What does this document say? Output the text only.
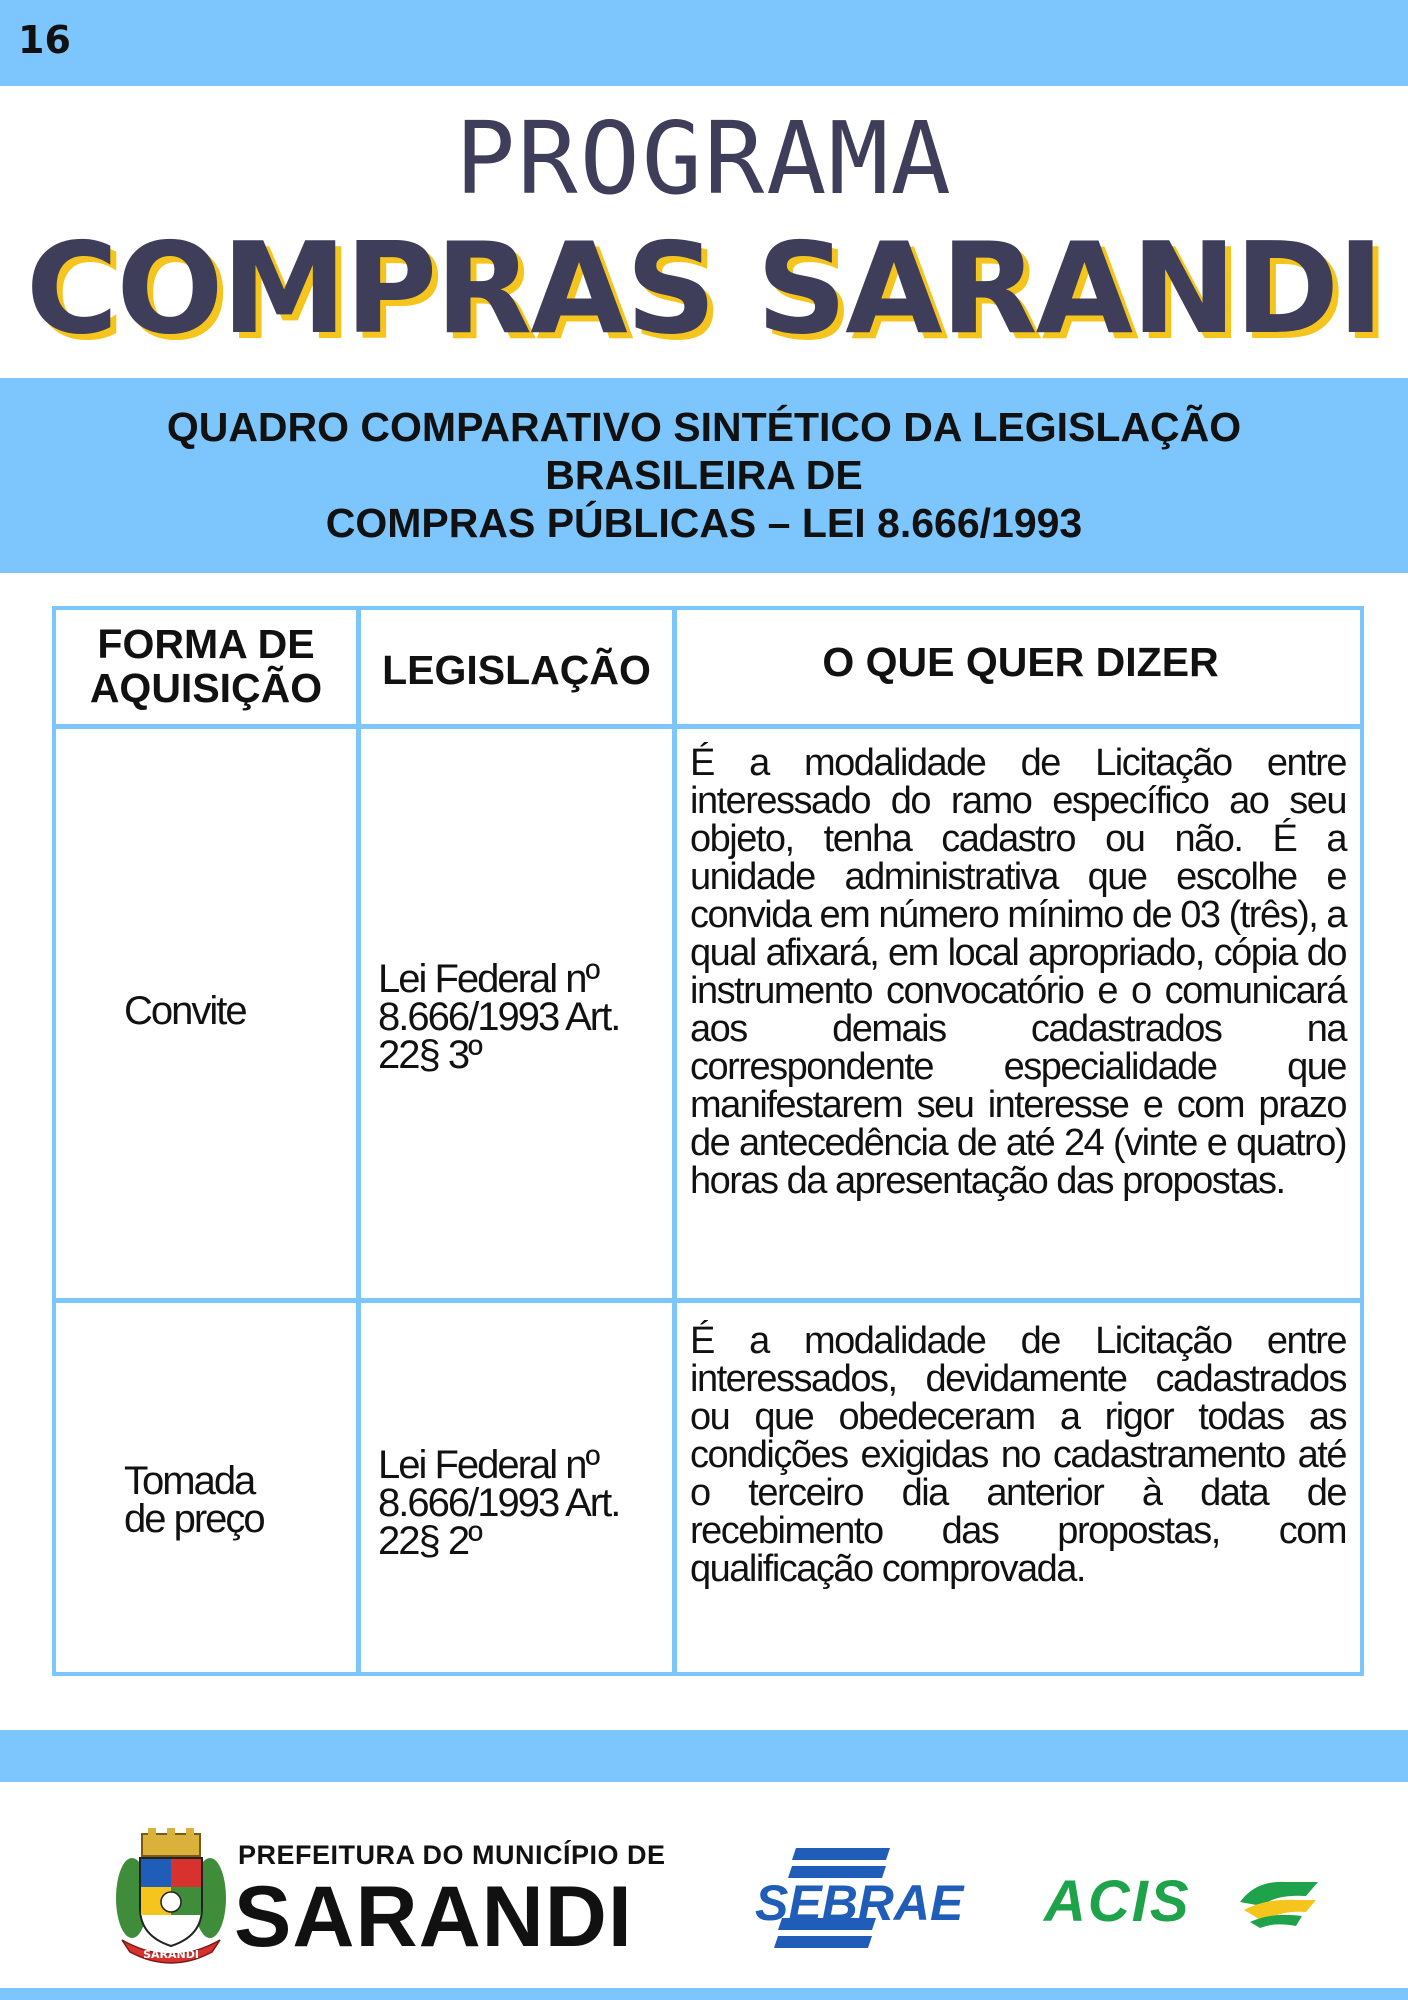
16
PROGRAMA
COMPRAS SARANDI
QUADRO COMPARATIVO SINTÉTICO DA LEGISLAÇÃO
BRASILEIRA DE
COMPRAS PÚBLICAS – LEI 8.666/1993
FORMA DE
AQUISIÇÃO	LEGISLAÇÃO	O QUE QUER DIZER
Convite
Lei Federal nº
8.666/1993 Art.
22§ 3º
É a modalidade de Licitação entre interessado do ramo específico ao seu objeto, tenha cadastro ou não. É a unidade administrativa que escolhe e convida em número mínimo de 03 (três), a qual afixará, em local apropriado, cópia do instrumento convocatório e o comunicará aos demais cadastrados na correspondente especialidade que manifestarem seu interesse e com prazo de antecedência de até 24 (vinte e quatro) horas da apresentação das propostas.
Tomada
de preço
Lei Federal nº
8.666/1993 Art.
22§ 2º
É a modalidade de Licitação entre interessados, devidamente cadastrados ou que obedeceram a rigor todas as condições exigidas no cadastramento até o terceiro dia anterior à data de recebimento das propostas, com qualificação comprovada.
SARANDI
PREFEITURA DO MUNICÍPIO DE
SARANDI SEBRAE ACIS
